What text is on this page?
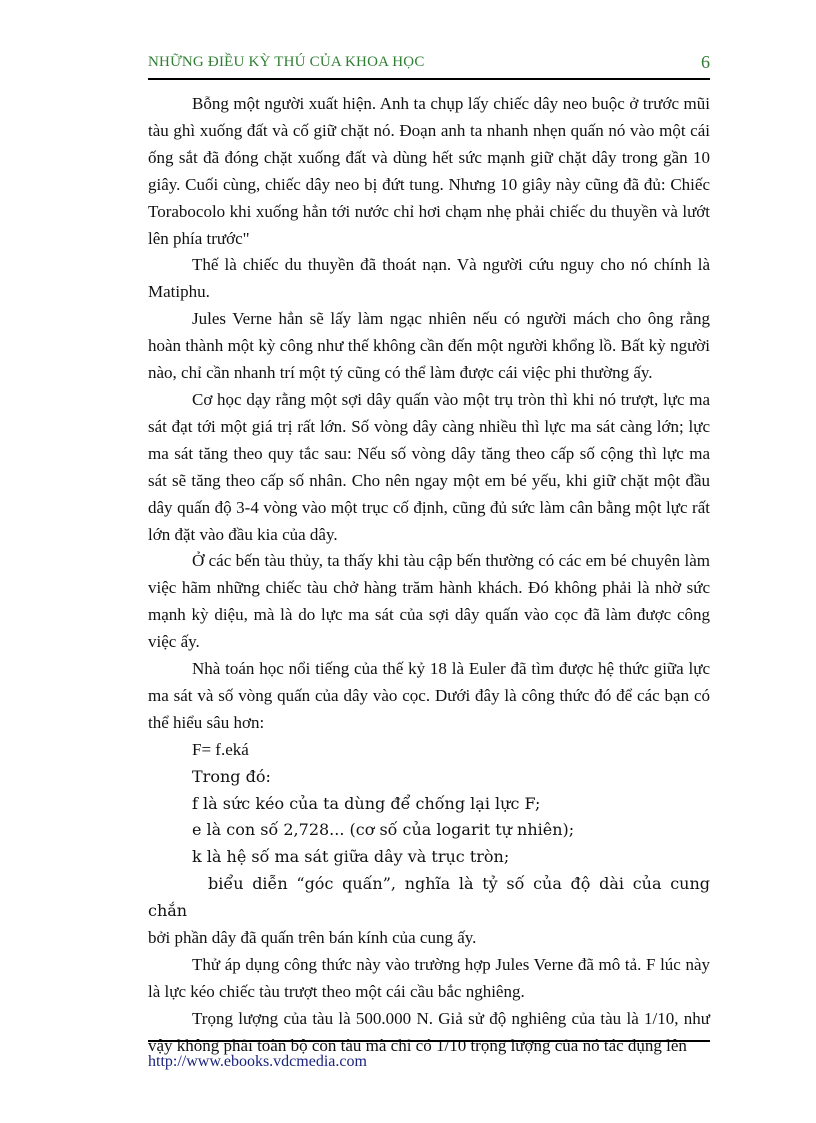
NHỮNG ĐIỀU KỲ THÚ CỦA KHOA HỌC	6

Bỗng một người xuất hiện. Anh ta chụp lấy chiếc dây neo buộc ở trước mũi tàu ghì xuống đất và cố giữ chặt nó. Đoạn anh ta nhanh nhẹn quấn nó vào một cái ống sắt đã đóng chặt xuống đất và dùng hết sức mạnh giữ chặt dây trong gần 10 giây. Cuối cùng, chiếc dây neo bị đứt tung. Nhưng 10 giây này cũng đã đủ: Chiếc Torabocolo khi xuống hẳn tới nước chỉ hơi chạm nhẹ phải chiếc du thuyền và lướt lên phía trước"

Thế là chiếc du thuyền đã thoát nạn. Và người cứu nguy cho nó chính là Matiphu.

Jules Verne hẳn sẽ lấy làm ngạc nhiên nếu có người mách cho ông rằng hoàn thành một kỳ công như thế không cần đến một người khổng lồ. Bất kỳ người nào, chỉ cần nhanh trí một tý cũng có thể làm được cái việc phi thường ấy.

Cơ học dạy rằng một sợi dây quấn vào một trụ tròn thì khi nó trượt, lực ma sát đạt tới một giá trị rất lớn. Số vòng dây càng nhiều thì lực ma sát càng lớn; lực ma sát tăng theo quy tắc sau: Nếu số vòng dây tăng theo cấp số cộng thì lực ma sát sẽ tăng theo cấp số nhân. Cho nên ngay một em bé yếu, khi giữ chặt một đầu dây quấn độ 3-4 vòng vào một trục cố định, cũng đủ sức làm cân bằng một lực rất lớn đặt vào đầu kia của dây.

Ở các bến tàu thủy, ta thấy khi tàu cập bến thường có các em bé chuyên làm việc hãm những chiếc tàu chở hàng trăm hành khách. Đó không phải là nhờ sức mạnh kỳ diệu, mà là do lực ma sát của sợi dây quấn vào cọc đã làm được công việc ấy.

Nhà toán học nổi tiếng của thế kỷ 18 là Euler đã tìm được hệ thức giữa lực ma sát và số vòng quấn của dây vào cọc. Dưới đây là công thức đó để các bạn có thể hiểu sâu hơn:

F= f.eká

Trong đó:

f là sức kéo của ta dùng để chống lại lực F;

e là con số 2,728... (cơ số của logarit tự nhiên);

k là hệ số ma sát giữa dây và trục tròn;

biểu diễn “góc quấn”, nghĩa là tỷ số của độ dài của cung chắn

bởi phần dây đã quấn trên bán kính của cung ấy.

Thử áp dụng công thức này vào trường hợp Jules Verne đã mô tả. F lúc này là lực kéo chiếc tàu trượt theo một cái cầu bắc nghiêng.

Trọng lượng của tàu là 500.000 N. Giả sử độ nghiêng của tàu là 1/10, như vậy không phải toàn bộ con tàu mà chỉ có 1/10 trọng lượng của nó tác dụng lên

http://www.ebooks.vdcmedia.com
